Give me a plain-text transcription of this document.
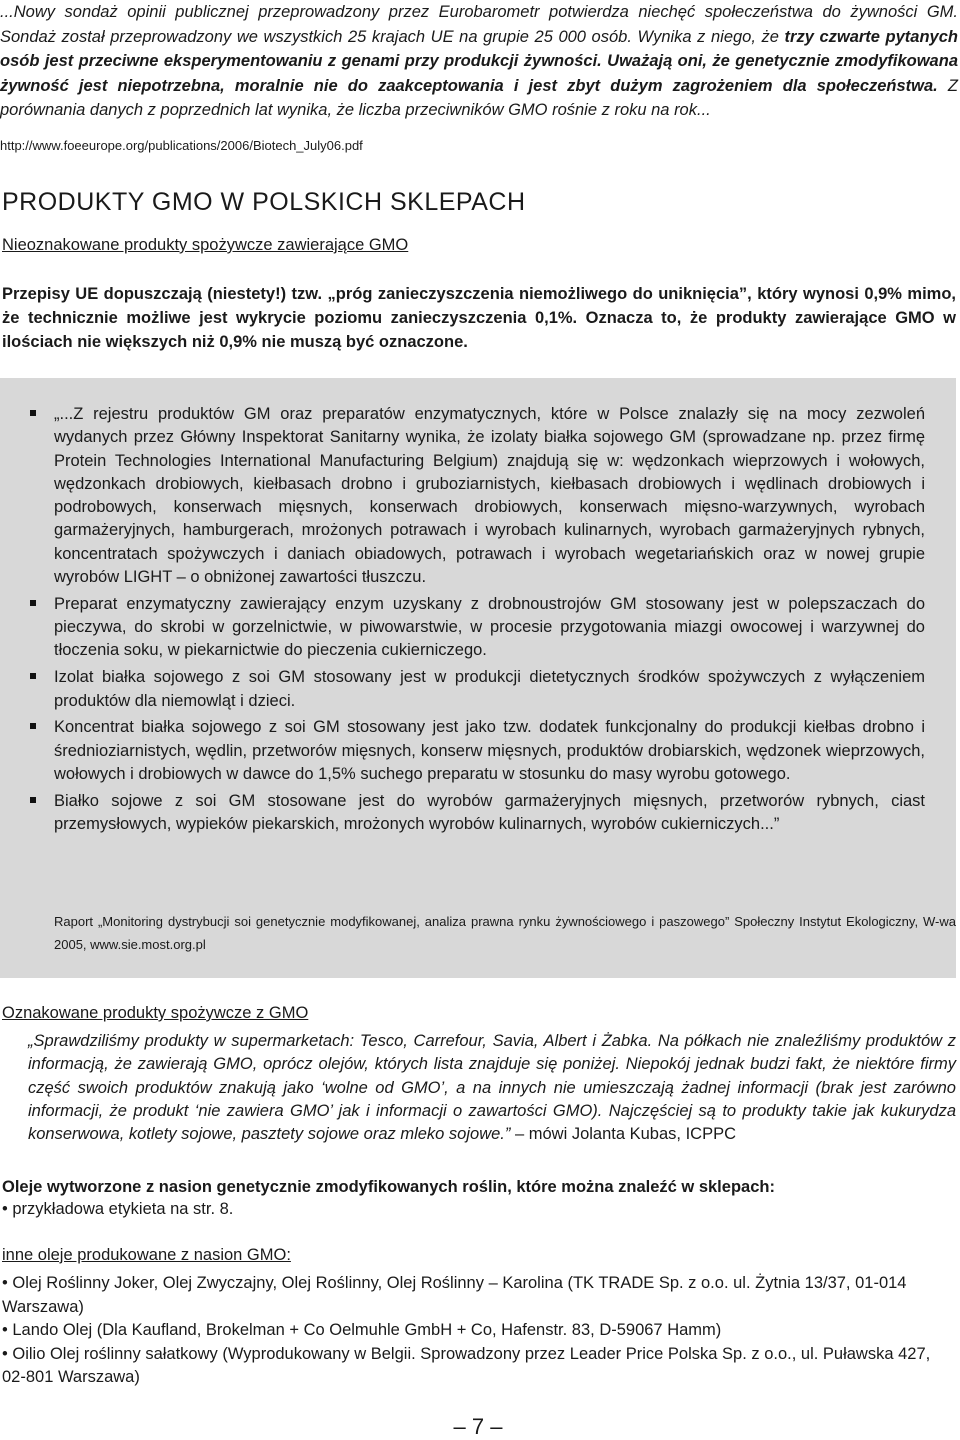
...Nowy sondaż opinii publicznej przeprowadzony przez Eurobarometr potwierdza niechęć społeczeństwa do żywności GM. Sondaż został przeprowadzony we wszystkich 25 krajach UE na grupie 25 000 osób. Wynika z niego, że trzy czwarte pytanych osób jest przeciwne eksperymentowaniu z genami przy produkcji żywności. Uważają oni, że genetycznie zmodyfikowana żywność jest niepotrzebna, moralnie nie do zaakceptowania i jest zbyt dużym zagrożeniem dla społeczeństwa. Z porównania danych z poprzednich lat wynika, że liczba przeciwników GMO rośnie z roku na rok...
http://www.foeeurope.org/publications/2006/Biotech_July06.pdf
PRODUKTY GMO W POLSKICH SKLEPACH
Nieoznakowane produkty spożywcze zawierające GMO
Przepisy UE dopuszczają (niestety!) tzw. „próg zanieczyszczenia niemożliwego do uniknięcia”, który wynosi 0,9% mimo, że technicznie możliwe jest wykrycie poziomu zanieczyszczenia 0,1%. Oznacza to, że produkty zawierające GMO w ilościach nie większych niż 0,9% nie muszą być oznaczone.
„...Z rejestru produktów GM oraz preparatów enzymatycznych, które w Polsce znalazły się na mocy zezwoleń wydanych przez Główny Inspektorat Sanitarny wynika, że izolaty białka sojowego GM (sprowadzane np. przez firmę Protein Technologies International Manufacturing Belgium) znajdują się w: wędzonkach wieprzowych i wołowych, wędzonkach drobiowych, kiełbasach drobno i gruboziarnistych, kiełbasach drobiowych i wędlinach drobiowych i podrobowych, konserwach mięsnych, konserwach drobiowych, konserwach mięsno-warzywnych, wyrobach garmażeryjnych, hamburgerach, mrożonych potrawach i wyrobach kulinarnych, wyrobach garmażeryjnych rybnych, koncentratach spożywczych i daniach obiadowych, potrawach i wyrobach wegetariańskich oraz w nowej grupie wyrobów LIGHT – o obniżonej zawartości tłuszczu.
Preparat enzymatyczny zawierający enzym uzyskany z drobnoustrojów GM stosowany jest w polepszaczach do pieczywa, do skrobi w gorzelnictwie, w piwowarstwie, w procesie przygotowania miazgi owocowej i warzywnej do tłoczenia soku, w piekarnictwie do pieczenia cukierniczego.
Izolat białka sojowego z soi GM stosowany jest w produkcji dietetycznych środków spożywczych z wyłączeniem produktów dla niemowląt i dzieci.
Koncentrat białka sojowego z soi GM stosowany jest jako tzw. dodatek funkcjonalny do produkcji kiełbas drobno i średnioziarnistych, wędlin, przetworów mięsnych, konserw mięsnych, produktów drobiarskich, wędzonek wieprzowych, wołowych i drobiowych w dawce do 1,5% suchego preparatu w stosunku do masy wyrobu gotowego.
Białko sojowe z soi GM stosowane jest do wyrobów garmażeryjnych mięsnych, przetworów rybnych, ciast przemysłowych, wypieków piekarskich, mrożonych wyrobów kulinarnych, wyrobów cukierniczych...”
Raport „Monitoring dystrybucji soi genetycznie modyfikowanej, analiza prawna rynku żywnościowego i paszowego” Społeczny Instytut Ekologiczny, W-wa 2005, www.sie.most.org.pl
Oznakowane produkty spożywcze z GMO
„Sprawdziliśmy produkty w supermarketach: Tesco, Carrefour, Savia, Albert i Żabka. Na półkach nie znaleźliśmy produktów z informacją, że zawierają GMO, oprócz olejów, których lista znajduje się poniżej. Niepokój jednak budzi fakt, że niektóre firmy część swoich produktów znakują jako ‘wolne od GMO’, a na innych nie umieszczają żadnej informacji (brak jest zarówno informacji, że produkt ‘nie zawiera GMO’ jak i informacji o zawartości GMO). Najczęściej są to produkty takie jak kukurydza konserwowa, kotlety sojowe, pasztety sojowe oraz mleko sojowe.” – mówi Jolanta Kubas, ICPPC
Oleje wytworzone z nasion genetycznie zmodyfikowanych roślin, które można znaleźć w sklepach:
• przykładowa etykieta na str. 8.
inne oleje produkowane z nasion GMO:
• Olej Roślinny Joker, Olej Zwyczajny, Olej Roślinny, Olej Roślinny – Karolina (TK TRADE Sp. z o.o. ul. Żytnia 13/37, 01-014 Warszawa)
• Lando Olej (Dla Kaufland, Brokelman + Co Oelmuhle GmbH + Co, Hafenstr. 83, D-59067 Hamm)
• Oilio Olej roślinny sałatkowy (Wyprodukowany w Belgii. Sprowadzony przez Leader Price Polska Sp. z o.o., ul. Puławska 427, 02-801 Warszawa)
– 7 –
